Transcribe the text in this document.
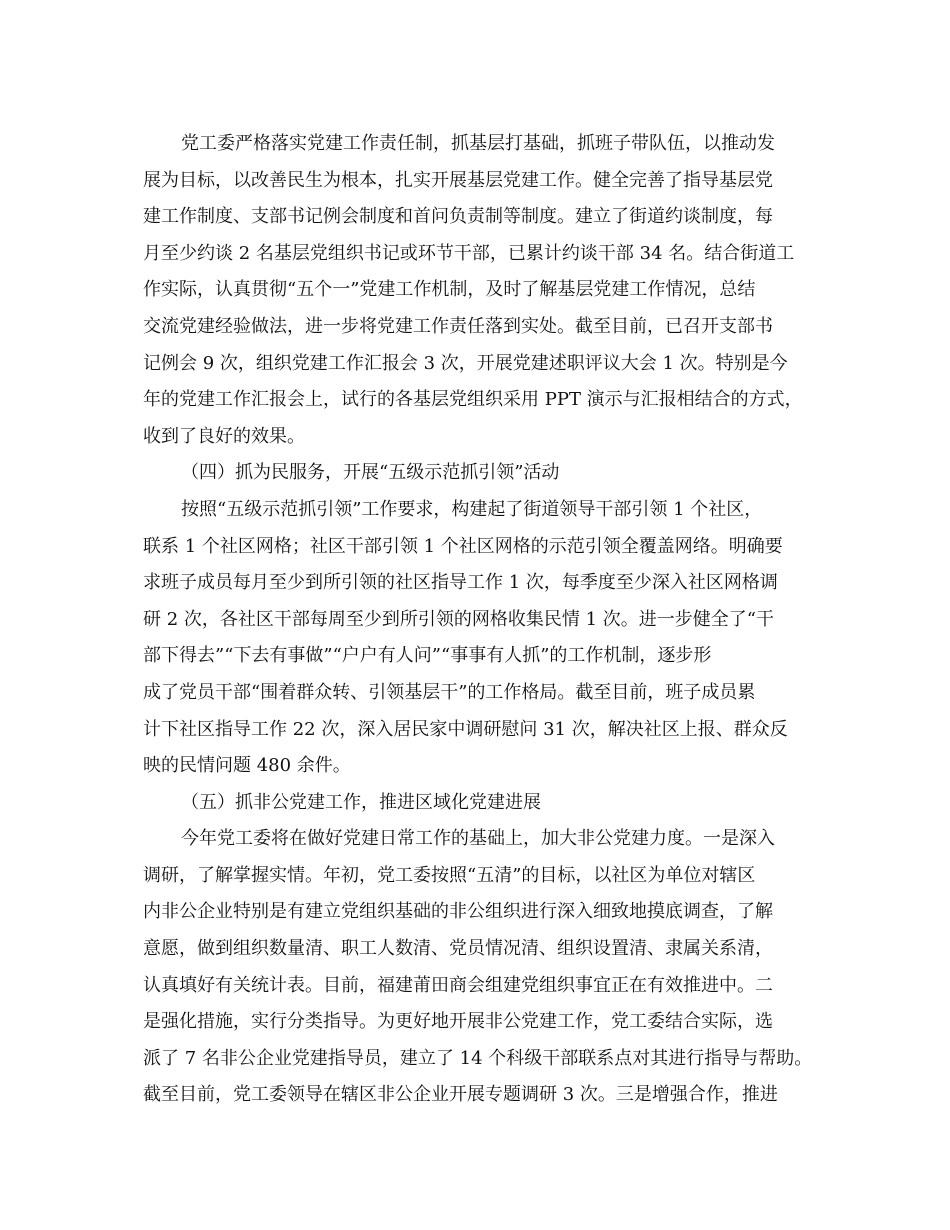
党工委严格落实党建工作责任制，抓基层打基础，抓班子带队伍，以推动发
展为目标，以改善民生为根本，扎实开展基层党建工作。健全完善了指导基层党
建工作制度、支部书记例会制度和首问负责制等制度。建立了街道约谈制度，每
月至少约谈 2 名基层党组织书记或环节干部，已累计约谈干部 34 名。结合街道工
作实际，认真贯彻“五个一”党建工作机制，及时了解基层党建工作情况，总结
交流党建经验做法，进一步将党建工作责任落到实处。截至目前，已召开支部书
记例会 9 次，组织党建工作汇报会 3 次，开展党建述职评议大会 1 次。特别是今
年的党建工作汇报会上，试行的各基层党组织采用 PPT 演示与汇报相结合的方式，
收到了良好的效果。
（四）抓为民服务，开展“五级示范抓引领”活动
按照“五级示范抓引领”工作要求，构建起了街道领导干部引领 1 个社区，
联系 1 个社区网格；社区干部引领 1 个社区网格的示范引领全覆盖网络。明确要
求班子成员每月至少到所引领的社区指导工作 1 次，每季度至少深入社区网格调
研 2 次，各社区干部每周至少到所引领的网格收集民情 1 次。进一步健全了“干
部下得去”“下去有事做”“户户有人问”“事事有人抓”的工作机制，逐步形
成了党员干部“围着群众转、引领基层干”的工作格局。截至目前，班子成员累
计下社区指导工作 22 次，深入居民家中调研慰问 31 次，解决社区上报、群众反
映的民情问题 480 余件。
（五）抓非公党建工作，推进区域化党建进展
今年党工委将在做好党建日常工作的基础上，加大非公党建力度。一是深入
调研，了解掌握实情。年初，党工委按照“五清”的目标，以社区为单位对辖区
内非公企业特别是有建立党组织基础的非公组织进行深入细致地摸底调查，了解
意愿，做到组织数量清、职工人数清、党员情况清、组织设置清、隶属关系清，
认真填好有关统计表。目前，福建莆田商会组建党组织事宜正在有效推进中。二
是强化措施，实行分类指导。为更好地开展非公党建工作，党工委结合实际，选
派了 7 名非公企业党建指导员，建立了 14 个科级干部联系点对其进行指导与帮助。
截至目前，党工委领导在辖区非公企业开展专题调研 3 次。三是增强合作，推进
